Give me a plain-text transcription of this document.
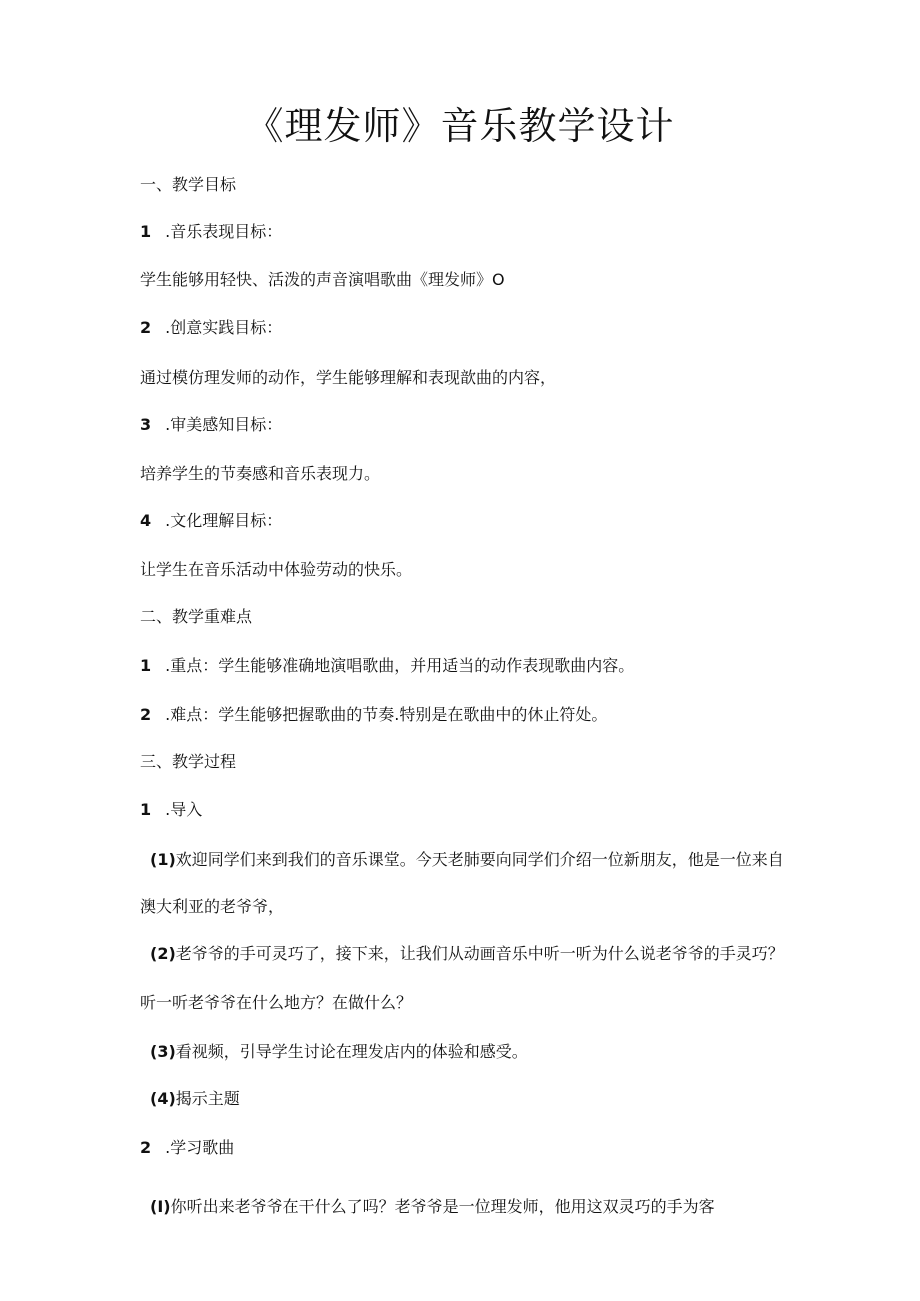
《理发师》音乐教学设计
一、教学目标
1 .音乐表现目标：
学生能够用轻快、活泼的声音演唱歌曲《理发师》O
2 .创意实践目标：
通过模仿理发师的动作，学生能够理解和表现歆曲的内容，
3 .审美感知目标：
培养学生的节奏感和音乐表现力。
4 .文化理解目标：
让学生在音乐活动中体验劳动的快乐。
二、教学重难点
1 .重点：学生能够准确地演唱歌曲，并用适当的动作表现歌曲内容。
2 .难点：学生能够把握歌曲的节奏.特别是在歌曲中的休止符处。
三、教学过程
1 .导入
(1)欢迎同学们来到我们的音乐课堂。今天老肺要向同学们介绍一位新朋友，他是一位来自
澳大利亚的老爷爷，
(2)老爷爷的手可灵巧了，接下来，让我们从动画音乐中听一听为什么说老爷爷的手灵巧？
听一听老爷爷在什么地方？在做什么？
(3)看视频，引导学生讨论在理发店内的体验和感受。
(4)揭示主题
2 .学习歌曲
(I)你听出来老爷爷在干什么了吗？老爷爷是一位理发师，他用这双灵巧的手为客
